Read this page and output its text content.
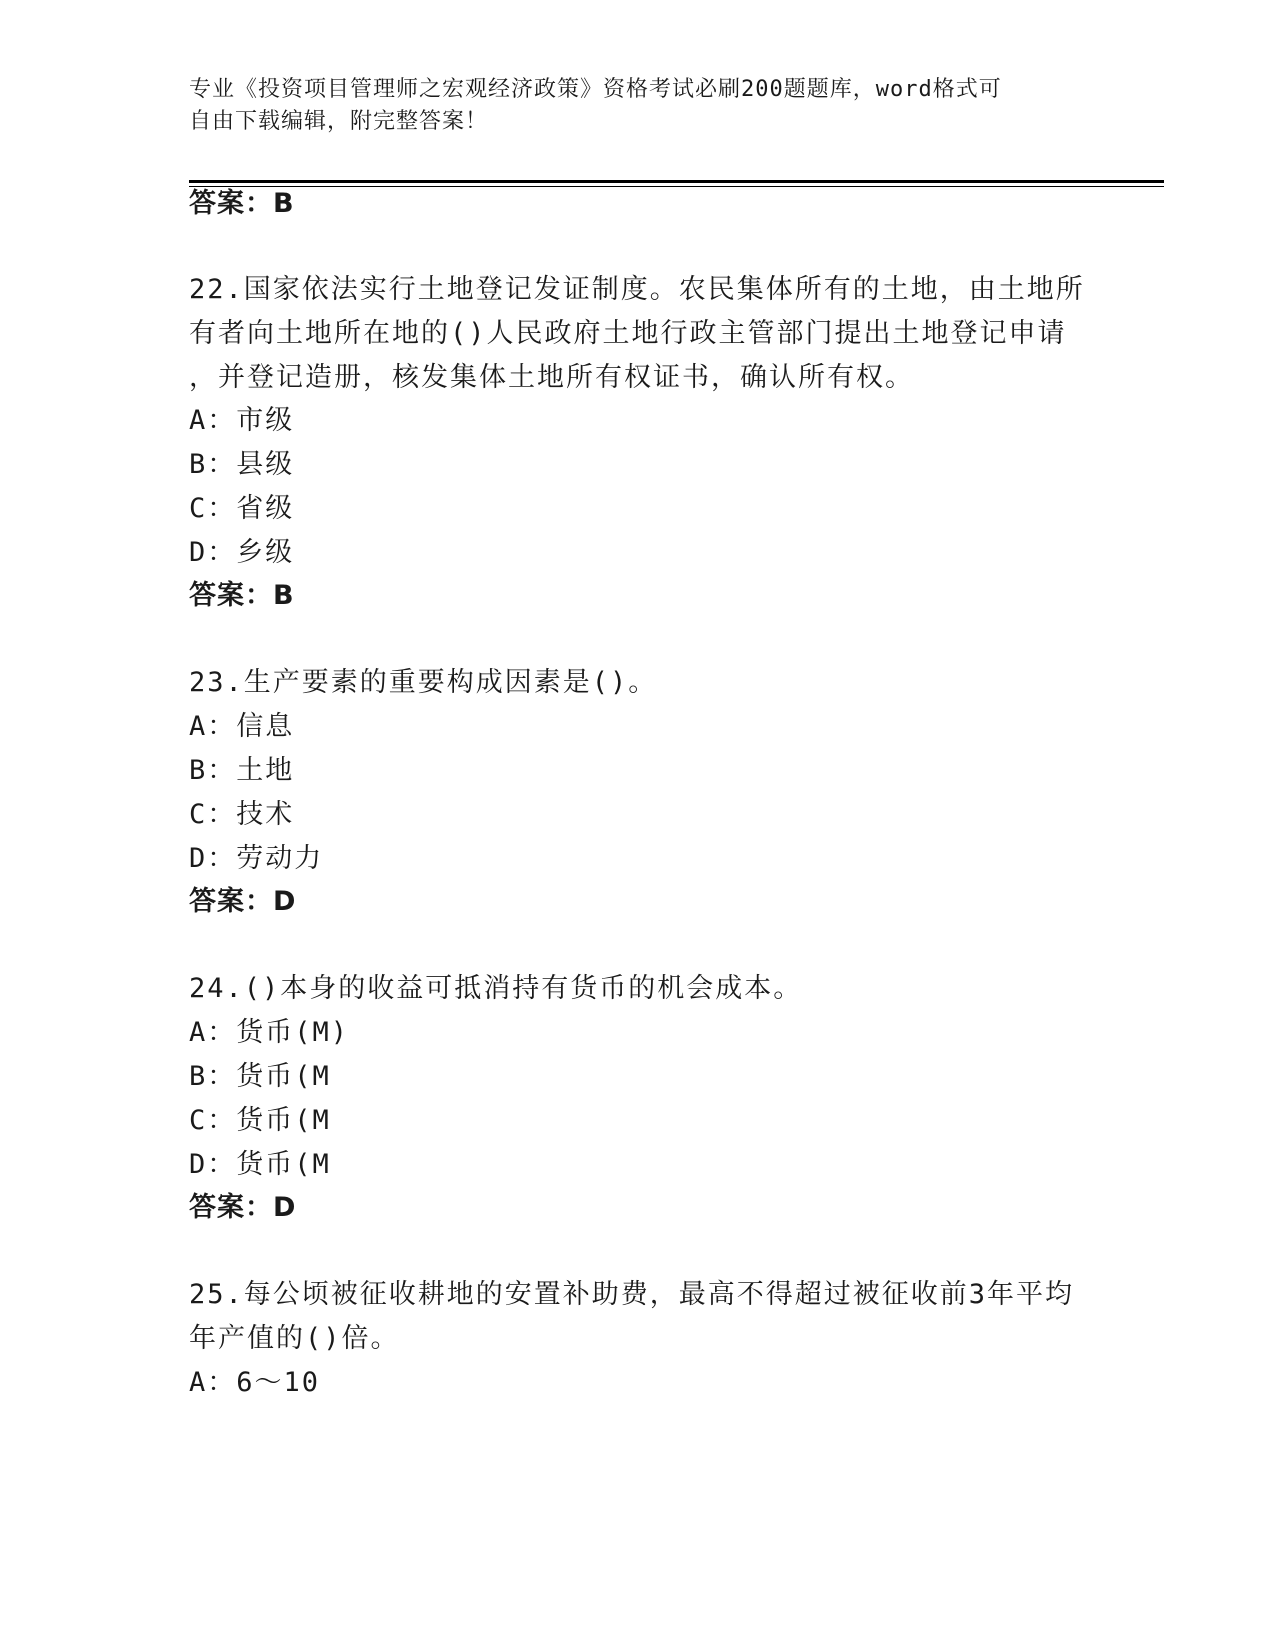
专业《投资项目管理师之宏观经济政策》资格考试必刷200题题库，word格式可
自由下载编辑，附完整答案！
答案：B
22.国家依法实行土地登记发证制度。农民集体所有的土地，由土地所
有者向土地所在地的()人民政府土地行政主管部门提出土地登记申请
，并登记造册，核发集体土地所有权证书，确认所有权。
A：市级
B：县级
C：省级
D：乡级
答案：B
23.生产要素的重要构成因素是()。
A：信息
B：土地
C：技术
D：劳动力
答案：D
24.()本身的收益可抵消持有货币的机会成本。
A：货币(M)
B：货币(M
C：货币(M
D：货币(M
答案：D
25.每公顷被征收耕地的安置补助费，最高不得超过被征收前3年平均
年产值的()倍。
A：6～10
